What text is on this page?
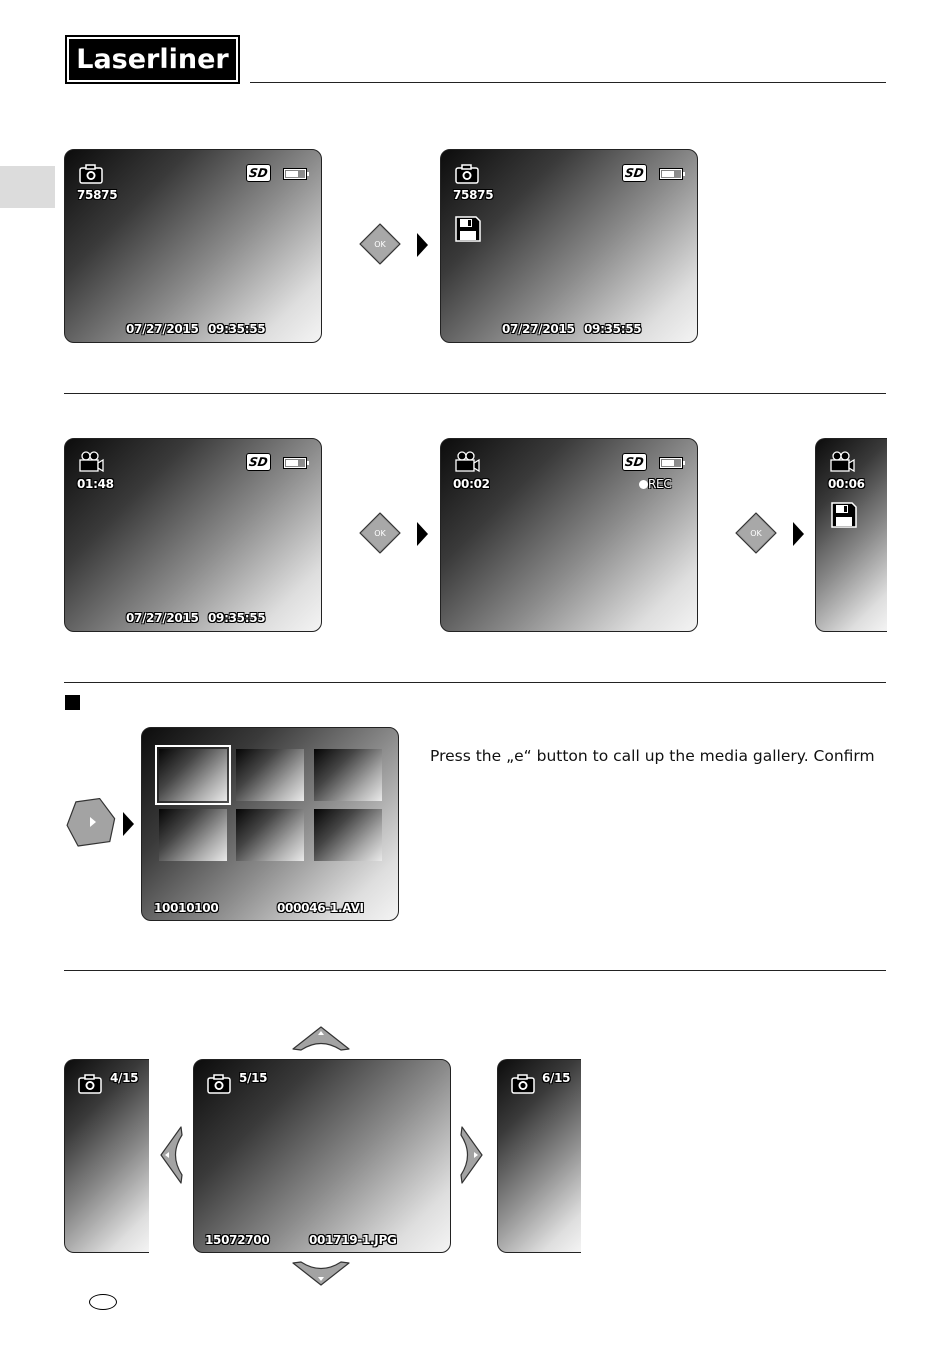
Laserliner
SD
75875
07/27/2015 09:35:55
OK
SD
75875
07/27/2015 09:35:55
SD
01:48
07/27/2015 09:35:55
OK
SD
00:02	REC
OK
00:06
10010100	000046-1.AVI
Press the „e“ button to call up the media gallery. Confirm
4/15	5/15
15072700	001719-1.JPG
6/15
